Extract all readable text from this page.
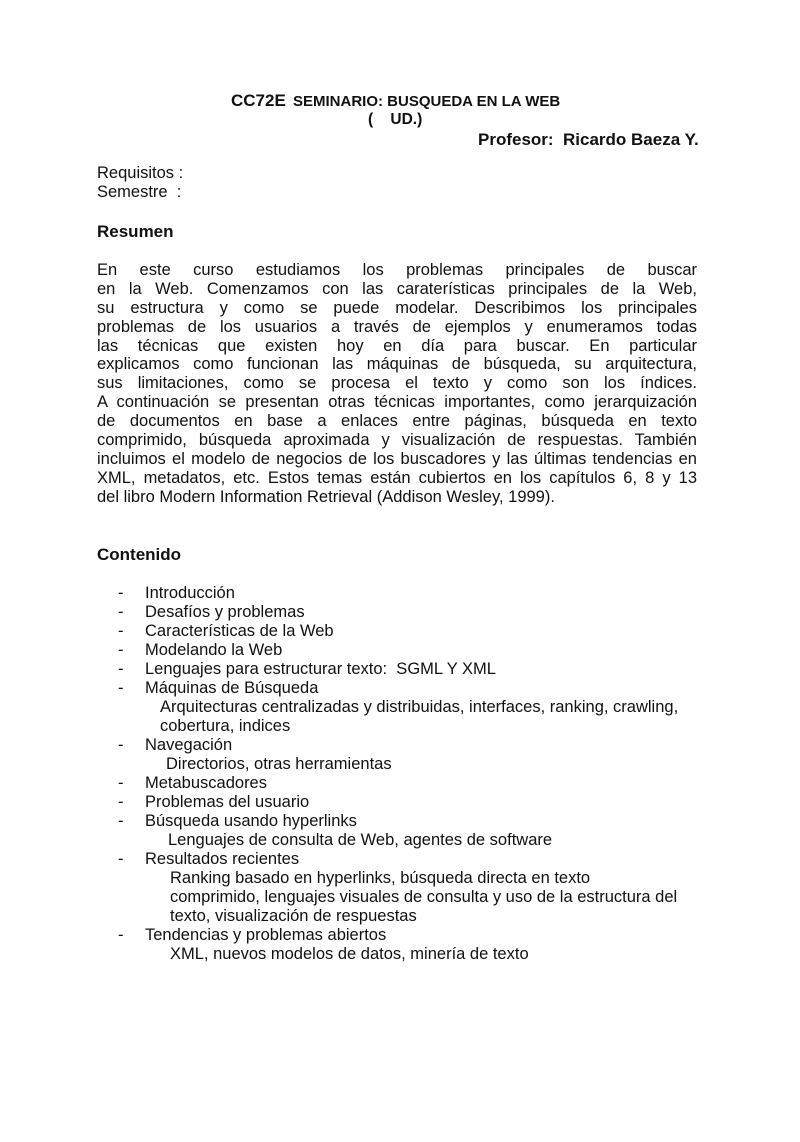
CC72E SEMINARIO: BUSQUEDA EN LA WEB
(    UD.)
Profesor:  Ricardo Baeza Y.
Requisitos :
Semestre  :
Resumen
En este curso estudiamos los problemas principales de buscar
en la Web. Comenzamos con las caraterísticas principales de la Web,
su estructura y como se puede modelar. Describimos los principales
problemas de los usuarios a través de ejemplos y enumeramos todas
las técnicas que existen hoy en día para buscar. En particular
explicamos como funcionan las máquinas de búsqueda, su arquitectura,
sus limitaciones, como se procesa el texto y como son los índices.
A continuación se presentan otras técnicas importantes, como jerarquización
de documentos en base a enlaces entre páginas, búsqueda en texto
comprimido, búsqueda aproximada y visualización de respuestas. También
incluimos el modelo de negocios de los buscadores y las últimas tendencias en
XML, metadatos, etc. Estos temas están cubiertos en los capítulos 6, 8 y 13
del libro Modern Information Retrieval (Addison Wesley, 1999).
Contenido
- Introducción
- Desafíos y problemas
- Características de la Web
- Modelando la Web
- Lenguajes para estructurar texto:  SGML Y XML
- Máquinas de Búsqueda
Arquitecturas centralizadas y distribuidas, interfaces, ranking, crawling,
cobertura, indices
- Navegación
Directorios, otras herramientas
- Metabuscadores
- Problemas del usuario
- Búsqueda usando hyperlinks
Lenguajes de consulta de Web, agentes de software
- Resultados recientes
Ranking basado en hyperlinks, búsqueda directa en texto
comprimido, lenguajes visuales de consulta y uso de la estructura del
texto, visualización de respuestas
- Tendencias y problemas abiertos
XML, nuevos modelos de datos, minería de texto
